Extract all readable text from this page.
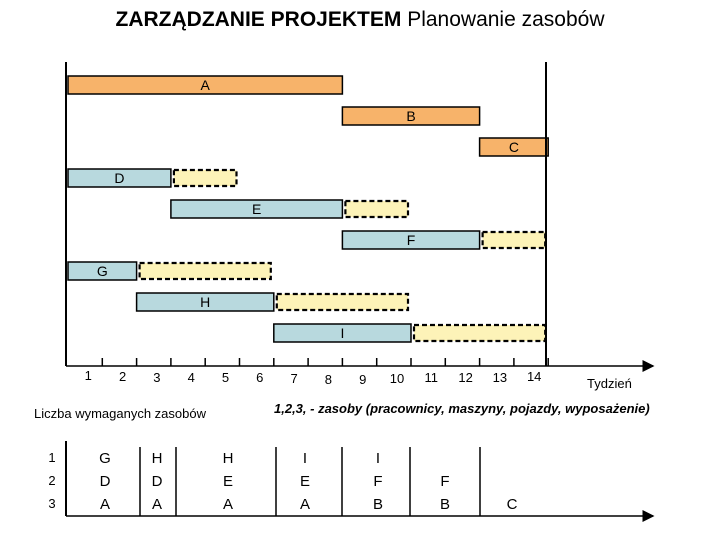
ZARZĄDZANIE PROJEKTEM Planowanie zasobów
A
B
C
D
E
F
G
H
I
1 2 3 4 5 6 7 8 9 10 11 12 13 14	Tydzień
1,2,3, - zasoby (pracownicy, maszyny, pojazdy, wyposażenie)
Liczba wymaganych zasobów
1
2
3
G	H	H	I	I
D	D	E	E	F	F
A	A	A	A	B	B	C
